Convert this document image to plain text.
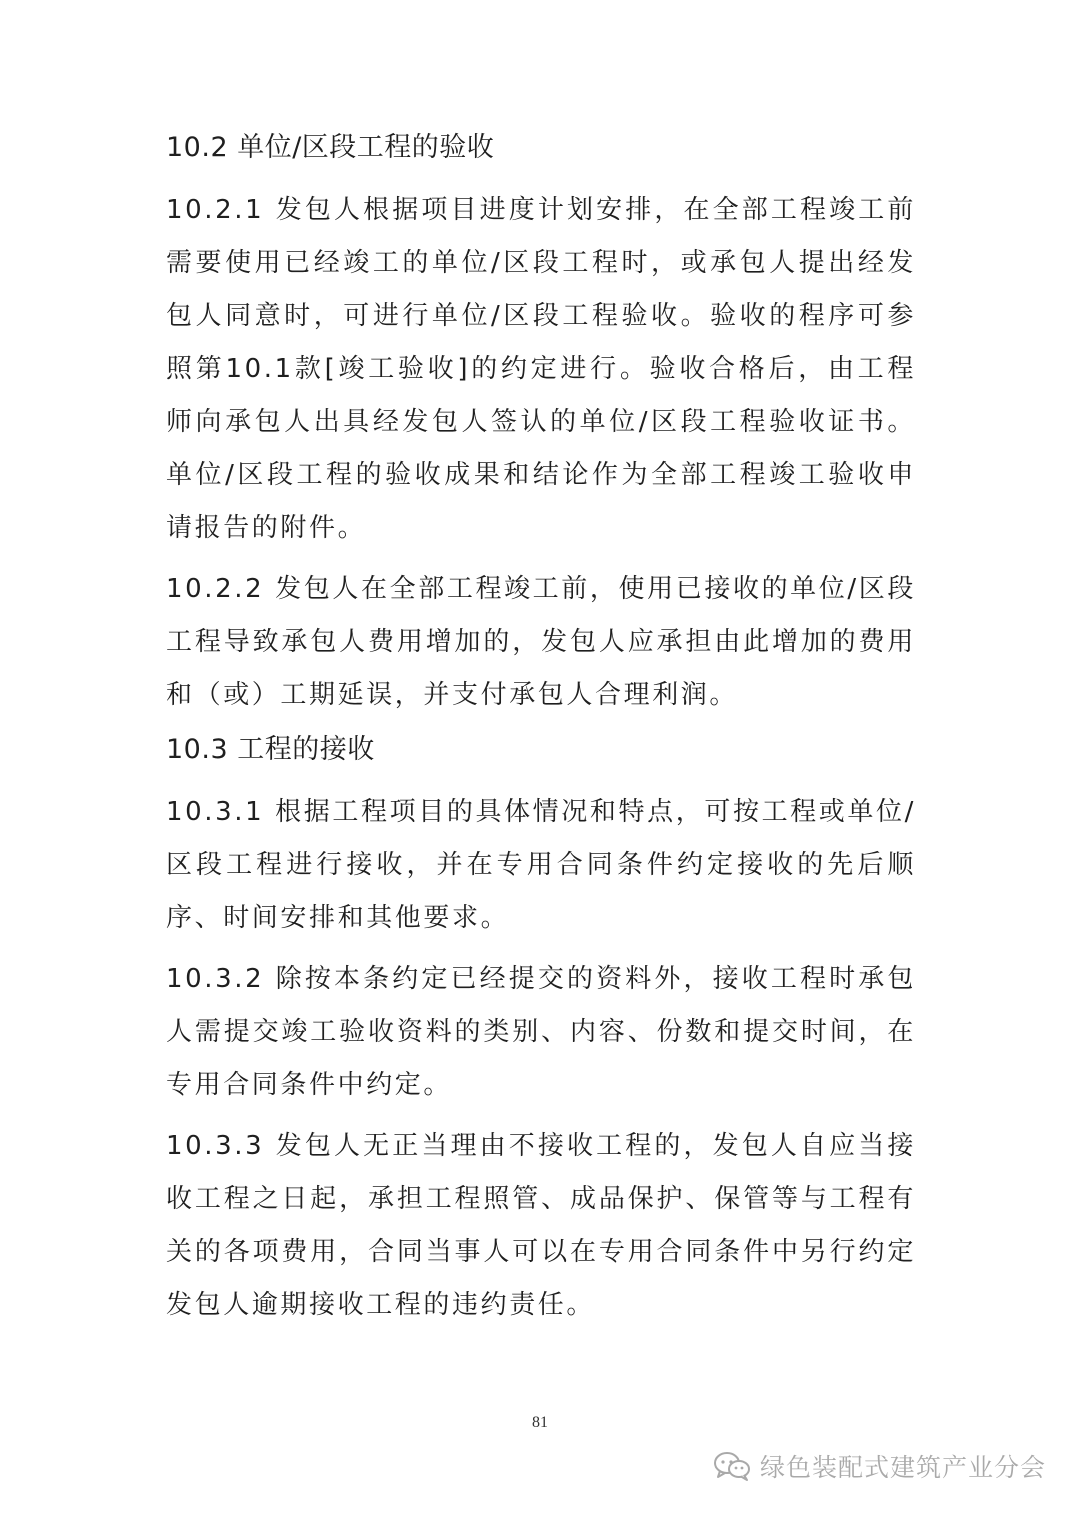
10.2 单位/区段工程的验收
10.2.1 发包人根据项目进度计划安排，在全部工程竣工前需要使用已经竣工的单位/区段工程时，或承包人提出经发包人同意时，可进行单位/区段工程验收。验收的程序可参照第10.1款[竣工验收]的约定进行。验收合格后，由工程师向承包人出具经发包人签认的单位/区段工程验收证书。单位/区段工程的验收成果和结论作为全部工程竣工验收申请报告的附件。
10.2.2 发包人在全部工程竣工前，使用已接收的单位/区段工程导致承包人费用增加的，发包人应承担由此增加的费用和（或）工期延误，并支付承包人合理利润。
10.3 工程的接收
10.3.1 根据工程项目的具体情况和特点，可按工程或单位/区段工程进行接收，并在专用合同条件约定接收的先后顺序、时间安排和其他要求。
10.3.2 除按本条约定已经提交的资料外，接收工程时承包人需提交竣工验收资料的类别、内容、份数和提交时间，在专用合同条件中约定。
10.3.3 发包人无正当理由不接收工程的，发包人自应当接收工程之日起，承担工程照管、成品保护、保管等与工程有关的各项费用，合同当事人可以在专用合同条件中另行约定发包人逾期接收工程的违约责任。
81
绿色装配式建筑产业分会
